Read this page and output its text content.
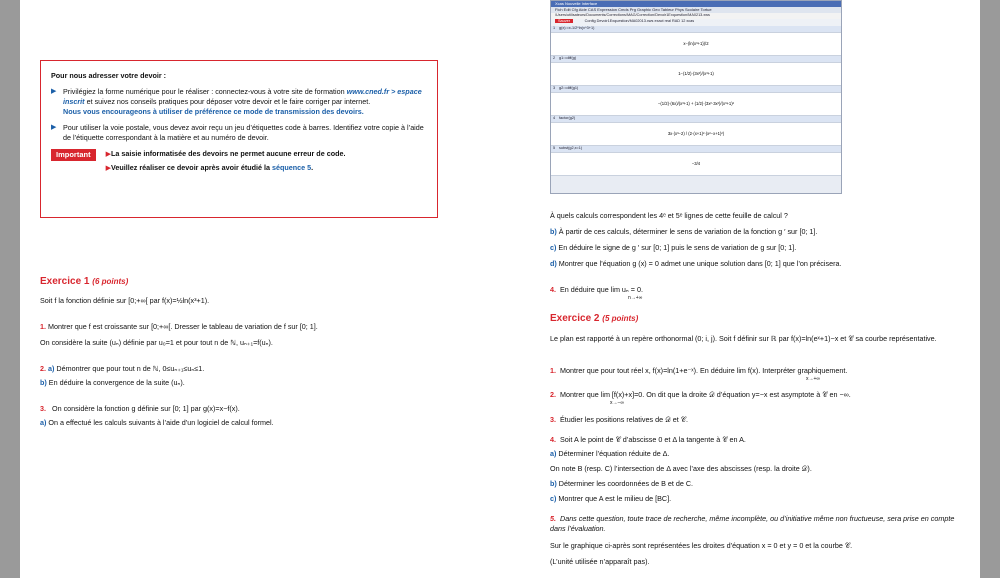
Pour nous adresser votre devoir :
▶ Privilégiez la forme numérique pour le réaliser : connectez-vous à votre site de formation www.cned.fr > espace inscrit et suivez nos conseils pratiques pour déposer votre devoir et le faire corriger par internet.
Nous vous encourageons à utiliser de préférence ce mode de transmission des devoirs.
▶ Pour utiliser la voie postale, vous devez avoir reçu un jeu d’étiquettes code à barres. Identifiez votre copie à l’aide de l’étiquette correspondant à la matière et au numéro de devoir.
Important	▶La saisie informatisée des devoirs ne permet aucune erreur de code.
▶Veuillez réaliser ce devoir après avoir étudié la séquence 5.
Exercice 1 (6 points)
Soit f la fonction définie sur [0;+∞[ par f(x)=½ln(x³+1).
1. Montrer que f est croissante sur [0;+∞[. Dresser le tableau de variation de f sur [0; 1].
On considère la suite (uₙ) définie par u₀=1 et pour tout n de ℕ, uₙ₊₁=f(uₙ).
2. a) Démontrer que pour tout n de ℕ, 0≤uₙ₊₁≤uₙ≤1.
b) En déduire la convergence de la suite (uₙ).
3. On considère la fonction g définie sur [0; 1] par g(x)=x−f(x).
a) On a effectué les calculs suivants à l’aide d’un logiciel de calcul formel.
Xcas Nouvelle Interface
Fich Edit Cfg Aide CAS Expression Cmds Prg Graphic Geo Tableur Phys Scolaire Tortue
/Users/utilisateurs/Documents/Corrections/MAG/Correction/Devoir1Exquestion/MA0213.xws
Sauver	Config Devoir1Exquestion/MA02013.xws exact real RAD 12 xcas
1	g(x):=x-1/2*ln(x^3+1)
x−(ln(x³+1))/2
2	g1:=diff(g)
1−(1/2)·(3x²)/(x³+1)
3	g2:=diff(g1)
−(1/2)·(6x)/(x³+1) + (1/2)·(3x²·3x²)/(x³+1)²
4	factor(g2)
3x·(x³−2) / (2·(x+1)²·(x²−x+1)²)
5	subst(g2,x=1)
−3/4
À quels calculs correspondent les 4ᵉ et 5ᵉ lignes de cette feuille de calcul ?
b) À partir de ces calculs, déterminer le sens de variation de la fonction g ′ sur [0; 1].
c) En déduire le signe de g ′ sur [0; 1] puis le sens de variation de g sur [0; 1].
d) Montrer que l’équation g (x) = 0 admet une unique solution dans [0; 1] que l’on précisera.
4. En déduire que lim uₙ = 0.
n→+∞
Exercice 2 (5 points)
Le plan est rapporté à un repère orthonormal (0; i, j). Soit f définir sur ℝ par f(x)=ln(eˣ+1)−x et 𝒞 sa courbe représentative.
1. Montrer que pour tout réel x, f(x)=ln(1+e⁻ˣ). En déduire lim f(x). Interpréter graphiquement.
x→+∞
2. Montrer que lim [f(x)+x]=0. On dit que la droite 𝒟 d’équation y=−x est asymptote à 𝒞 en −∞.
x→−∞
3. Étudier les positions relatives de 𝒟 et 𝒞.
4. Soit A le point de 𝒞 d’abscisse 0 et Δ la tangente à 𝒞 en A.
a) Déterminer l’équation réduite de Δ.
On note B (resp. C) l’intersection de Δ avec l’axe des abscisses (resp. la droite 𝒟).
b) Déterminer les coordonnées de B et de C.
c) Montrer que A est le milieu de [BC].
5. Dans cette question, toute trace de recherche, même incomplète, ou d’initiative même non fructueuse, sera prise en compte dans l’évaluation.
Sur le graphique ci-après sont représentées les droites d’équation x = 0 et y = 0 et la courbe 𝒞.
(L’unité utilisée n’apparaît pas).
